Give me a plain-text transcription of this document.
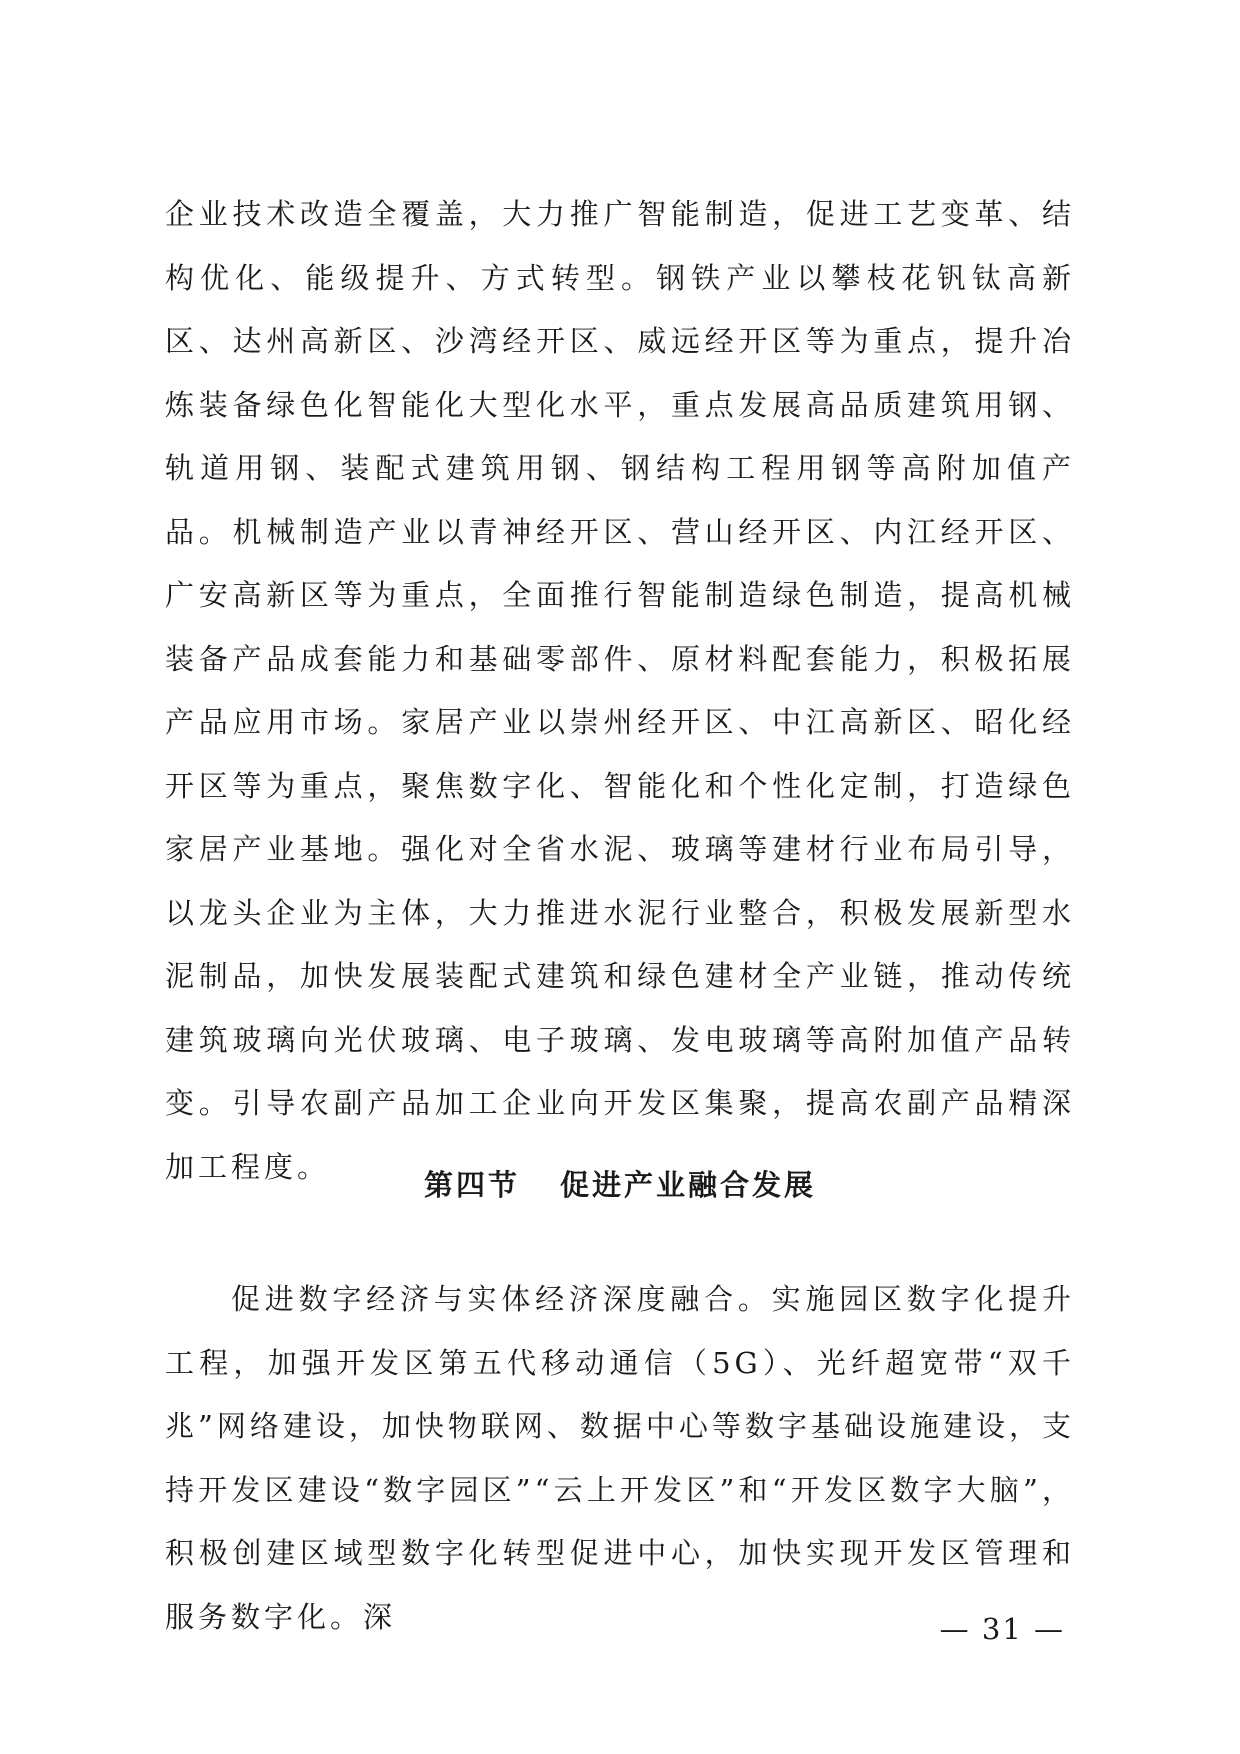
企业技术改造全覆盖，大力推广智能制造，促进工艺变革、结构优化、能级提升、方式转型。钢铁产业以攀枝花钒钛高新区、达州高新区、沙湾经开区、威远经开区等为重点，提升冶炼装备绿色化智能化大型化水平，重点发展高品质建筑用钢、轨道用钢、装配式建筑用钢、钢结构工程用钢等高附加值产品。机械制造产业以青神经开区、营山经开区、内江经开区、广安高新区等为重点，全面推行智能制造绿色制造，提高机械装备产品成套能力和基础零部件、原材料配套能力，积极拓展产品应用市场。家居产业以崇州经开区、中江高新区、昭化经开区等为重点，聚焦数字化、智能化和个性化定制，打造绿色家居产业基地。强化对全省水泥、玻璃等建材行业布局引导，以龙头企业为主体，大力推进水泥行业整合，积极发展新型水泥制品，加快发展装配式建筑和绿色建材全产业链，推动传统建筑玻璃向光伏玻璃、电子玻璃、发电玻璃等高附加值产品转变。引导农副产品加工企业向开发区集聚，提高农副产品精深加工程度。

第四节 促进产业融合发展

促进数字经济与实体经济深度融合。实施园区数字化提升工程，加强开发区第五代移动通信（5G）、光纤超宽带“双千兆”网络建设，加快物联网、数据中心等数字基础设施建设，支持开发区建设“数字园区”“云上开发区”和“开发区数字大脑”，积极创建区域型数字化转型促进中心，加快实现开发区管理和服务数字化。深	— 31 —
